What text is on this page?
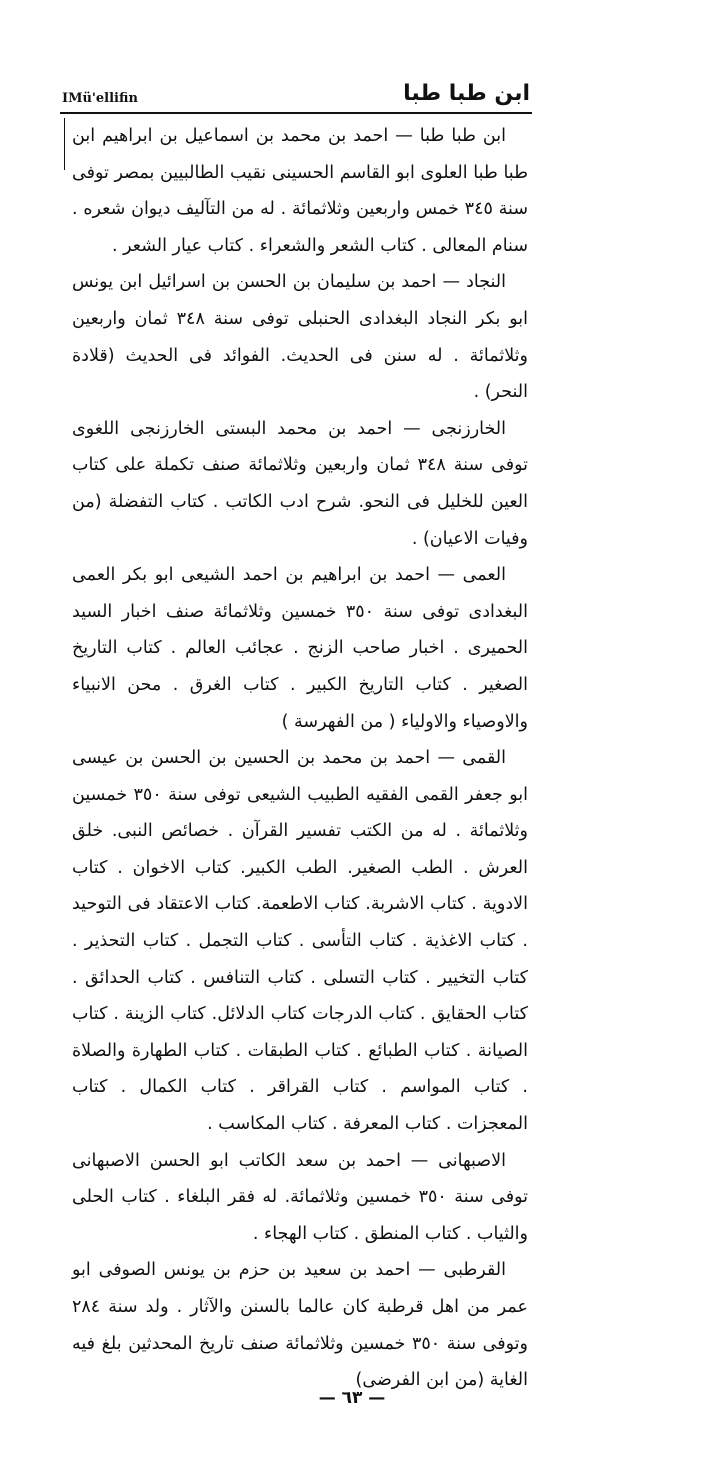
IMü'ellifin	ابن طبا طبا

ابن طبا طبا — احمد بن محمد بن اسماعيل بن ابراهيم ابن طبا طبا العلوى ابو القاسم الحسينى نقيب الطالبيين بمصر توفى سنة ٣٤٥ خمس واربعين وثلاثمائة . له من التآليف ديوان شعره . سنام المعالى . كتاب الشعر والشعراء . كتاب عيار الشعر .

النجاد — احمد بن سليمان بن الحسن بن اسرائيل ابن يونس ابو بكر النجاد البغدادى الحنبلى توفى سنة ٣٤٨ ثمان واربعين وثلاثمائة . له سنن فى الحديث. الفوائد فى الحديث (قلادة النحر) .

الخارزنجى — احمد بن محمد البستى الخارزنجى اللغوى توفى سنة ٣٤٨ ثمان واربعين وثلاثمائة صنف تكملة على كتاب العين للخليل فى النحو. شرح ادب الكاتب . كتاب التفضلة (من وفيات الاعيان) .

العمى — احمد بن ابراهيم بن احمد الشيعى ابو بكر العمى البغدادى توفى سنة ٣٥٠ خمسين وثلاثمائة صنف اخبار السيد الحميرى . اخبار صاحب الزنج . عجائب العالم . كتاب التاريخ الصغير . كتاب التاريخ الكبير . كتاب الغرق . محن الانبياء والاوصياء والاولياء ( من الفهرسة )

القمى — احمد بن محمد بن الحسين بن الحسن بن عيسى ابو جعفر القمى الفقيه الطبيب الشيعى توفى سنة ٣٥٠ خمسين وثلاثمائة . له من الكتب تفسير القرآن . خصائص النبى. خلق العرش . الطب الصغير. الطب الكبير. كتاب الاخوان . كتاب الادوية . كتاب الاشربة. كتاب الاطعمة. كتاب الاعتقاد فى التوحيد . كتاب الاغذية . كتاب التأسى . كتاب التجمل . كتاب التحذير . كتاب التخيير . كتاب التسلى . كتاب التنافس . كتاب الحدائق . كتاب الحقايق . كتاب الدرجات كتاب الدلائل. كتاب الزينة . كتاب الصيانة . كتاب الطبائع . كتاب الطبقات . كتاب الطهارة والصلاة . كتاب المواسم . كتاب القراقر . كتاب الكمال . كتاب المعجزات . كتاب المعرفة . كتاب المكاسب .

الاصبهانى — احمد بن سعد الكاتب ابو الحسن الاصبهانى توفى سنة ٣٥٠ خمسين وثلاثمائة. له فقر البلغاء . كتاب الحلى والثياب . كتاب المنطق . كتاب الهجاء .

القرطبى — احمد بن سعيد بن حزم بن يونس الصوفى ابو عمر من اهل قرطبة كان عالما بالسنن والآثار . ولد سنة ٢٨٤ وتوفى سنة ٣٥٠ خمسين وثلاثمائة صنف تاريخ المحدثين بلغ فيه الغاية (من ابن الفرضى)

— ٦٣ —
